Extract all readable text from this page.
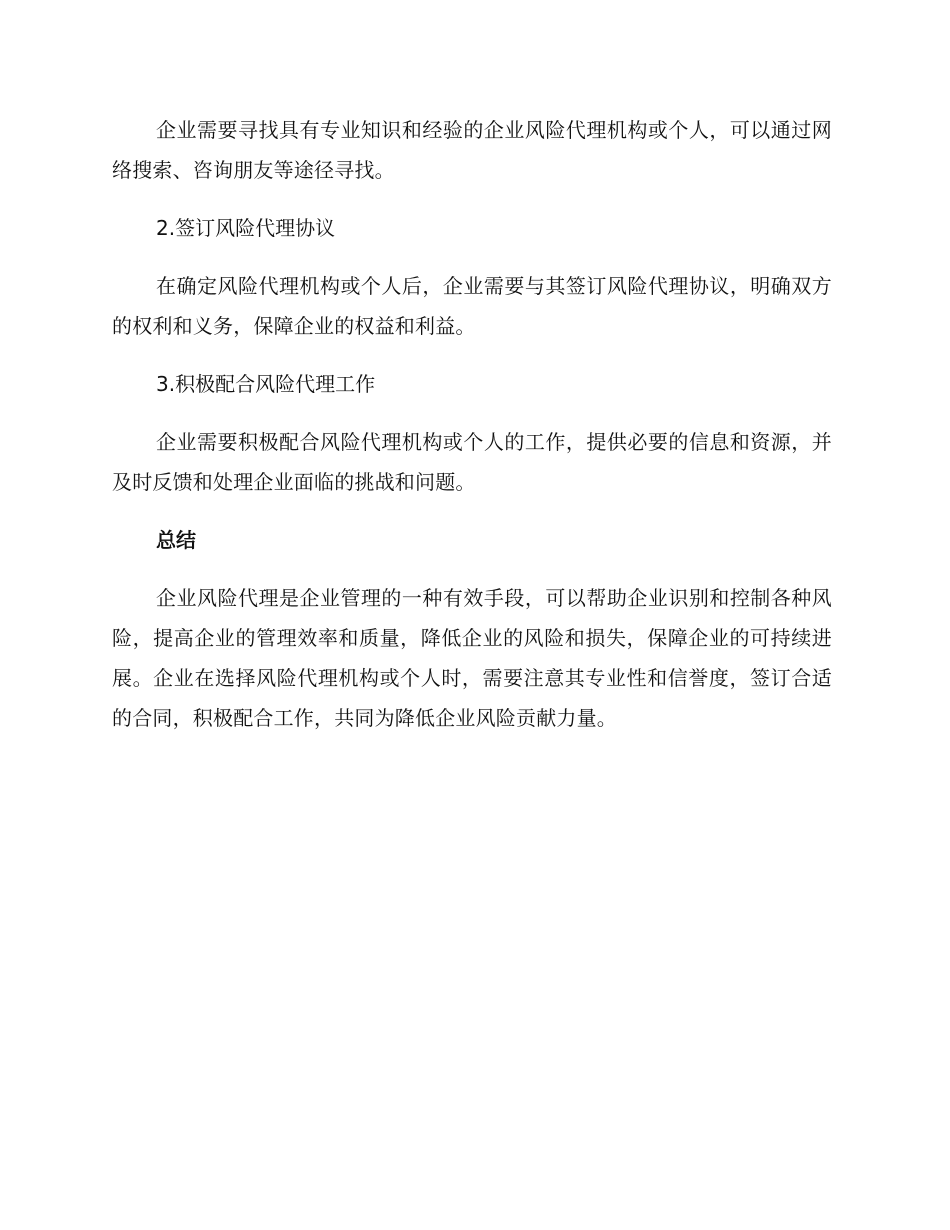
企业需要寻找具有专业知识和经验的企业风险代理机构或个人，可以通过网络搜索、咨询朋友等途径寻找。

2.签订风险代理协议

在确定风险代理机构或个人后，企业需要与其签订风险代理协议，明确双方的权利和义务，保障企业的权益和利益。

3.积极配合风险代理工作

企业需要积极配合风险代理机构或个人的工作，提供必要的信息和资源，并及时反馈和处理企业面临的挑战和问题。

总结

企业风险代理是企业管理的一种有效手段，可以帮助企业识别和控制各种风险，提高企业的管理效率和质量，降低企业的风险和损失，保障企业的可持续进展。企业在选择风险代理机构或个人时，需要注意其专业性和信誉度，签订合适的合同，积极配合工作，共同为降低企业风险贡献力量。
